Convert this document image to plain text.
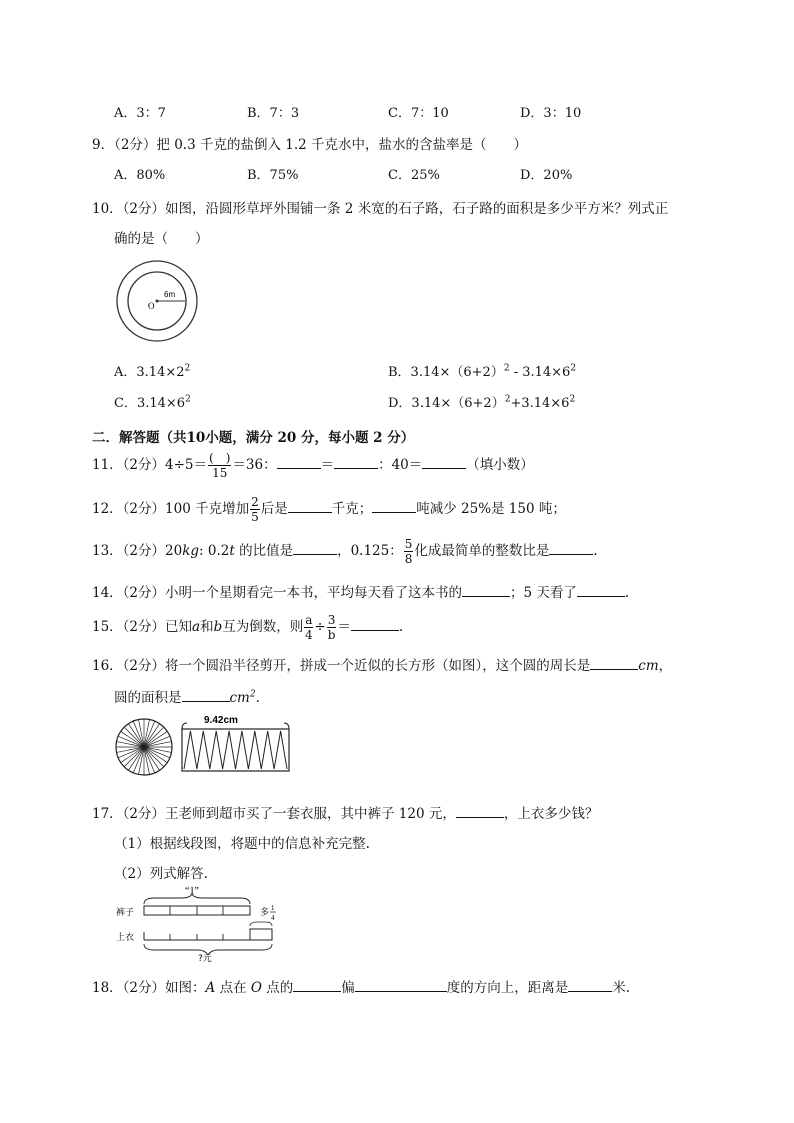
A．3：7	B．7：3	C．7：10	D．3：10
9．（2分）把 0.3 千克的盐倒入 1.2 千克水中，盐水的含盐率是（　　）
A．80%	B．75%	C．25%	D．20%
10．（2分）如图，沿圆形草坪外围铺一条 2 米宽的石子路，石子路的面积是多少平方米？列式正
确的是（　　）
6m
O
A．$3.14\times 2^2$	B．$3.14\times(6+2)^2 - 3.14\times 6^2$
C．$3.14\times 6^2$	D．$3.14\times(6+2)^2+3.14\times 6^2$
二．解答题（共10小题，满分 20 分，每小题 2 分）
11．（2分）$4\div 5= \frac{( )}{15} =36$：	＝	：40＝	（填小数）
12．（2分）100 千克增加 $\frac{2}{5}$ 后是	千克；	吨减少 25%是 150 吨；
13．（2分）20kg: 0.2t 的比值是	，0.125： $\frac{5}{8}$ 化成最简单的整数比是	.
14．（2分）小明一个星期看完一本书，平均每天看了这本书的	；5 天看了	.
15．（2分）已知a和b互为倒数，则 $\frac{a}{4} \div \frac{3}{b}$ ＝	.
16．（2分）将一个圆沿半径剪开，拼成一个近似的长方形（如图），这个圆的周长是	cm，
圆的面积是	$cm^2$.
9.42cm
17．（2分）王老师到超市买了一套衣服，其中裤子 120 元，	，上衣多少钱？
（1）根据线段图，将题中的信息补充完整.
（2）列式解答.
“1”
裤子	多 1
4
上衣
?元
18．（2分）如图：A 点在 O 点的	偏	度的方向上，距离是	米.
